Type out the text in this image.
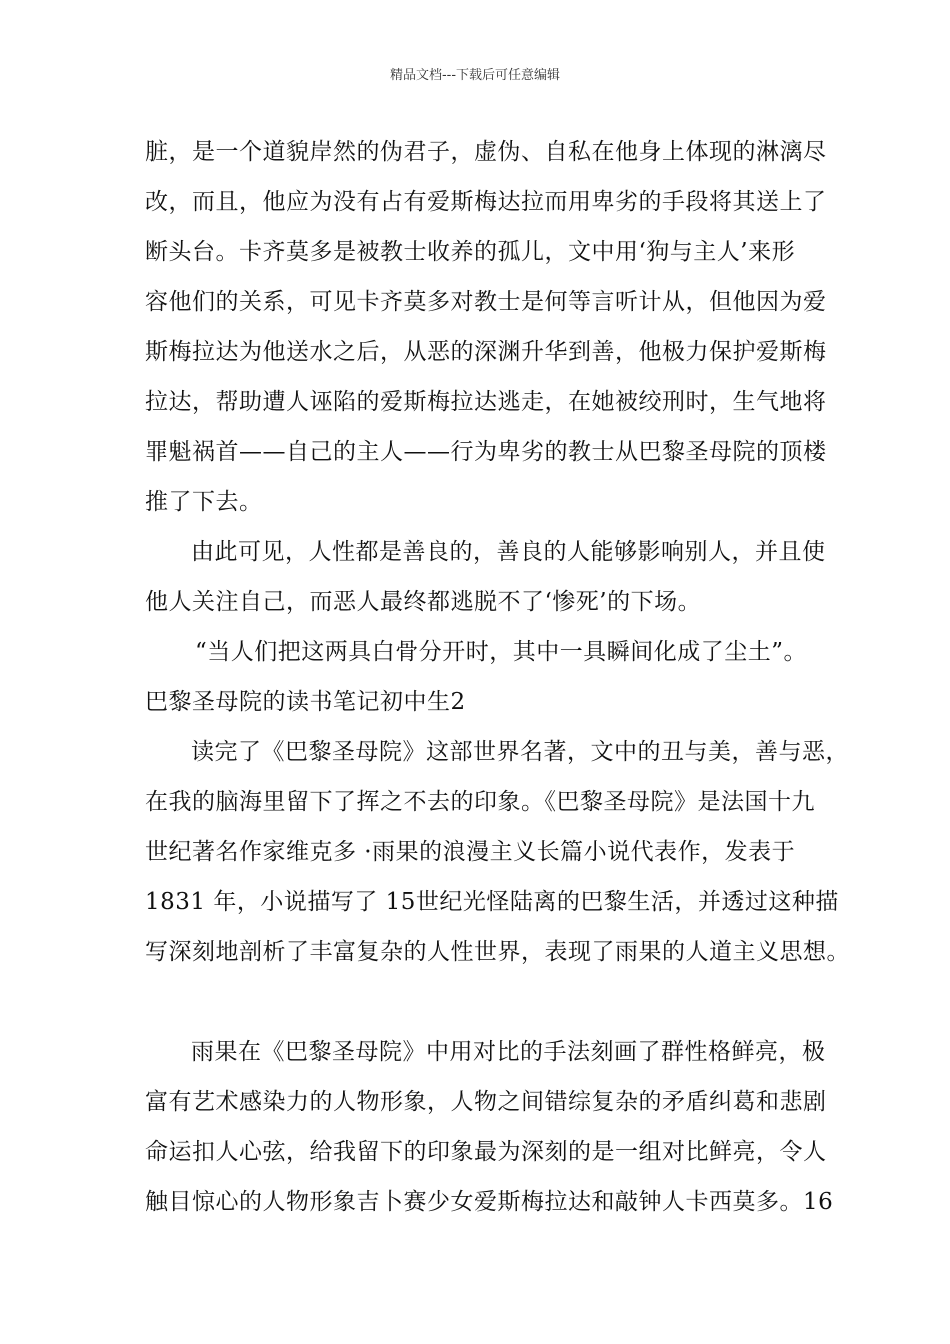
精品文档---下载后可任意编辑
脏，是一个道貌岸然的伪君子，虚伪、自私在他身上体现的淋漓尽
改，而且，他应为没有占有爱斯梅达拉而用卑劣的手段将其送上了
断头台。卡齐莫多是被教士收养的孤儿，文中用‘狗与主人’来形
容他们的关系，可见卡齐莫多对教士是何等言听计从，但他因为爱
斯梅拉达为他送水之后，从恶的深渊升华到善，他极力保护爱斯梅
拉达，帮助遭人诬陷的爱斯梅拉达逃走，在她被绞刑时，生气地将
罪魁祸首——自己的主人——行为卑劣的教士从巴黎圣母院的顶楼
推了下去。
由此可见，人性都是善良的，善良的人能够影响别人，并且使
他人关注自己，而恶人最终都逃脱不了‘惨死’的下场。
“当人们把这两具白骨分开时，其中一具瞬间化成了尘土”。
巴黎圣母院的读书笔记初中生2
读完了《巴黎圣母院》这部世界名著，文中的丑与美，善与恶，
在我的脑海里留下了挥之不去的印象。《巴黎圣母院》是法国十九
世纪著名作家维克多 ·雨果的浪漫主义长篇小说代表作，发表于
1831 年，小说描写了 15世纪光怪陆离的巴黎生活，并透过这种描
写深刻地剖析了丰富复杂的人性世界，表现了雨果的人道主义思想。
雨果在《巴黎圣母院》中用对比的手法刻画了群性格鲜亮，极
富有艺术感染力的人物形象，人物之间错综复杂的矛盾纠葛和悲剧
命运扣人心弦，给我留下的印象最为深刻的是一组对比鲜亮，令人
触目惊心的人物形象吉卜赛少女爱斯梅拉达和敲钟人卡西莫多。16
